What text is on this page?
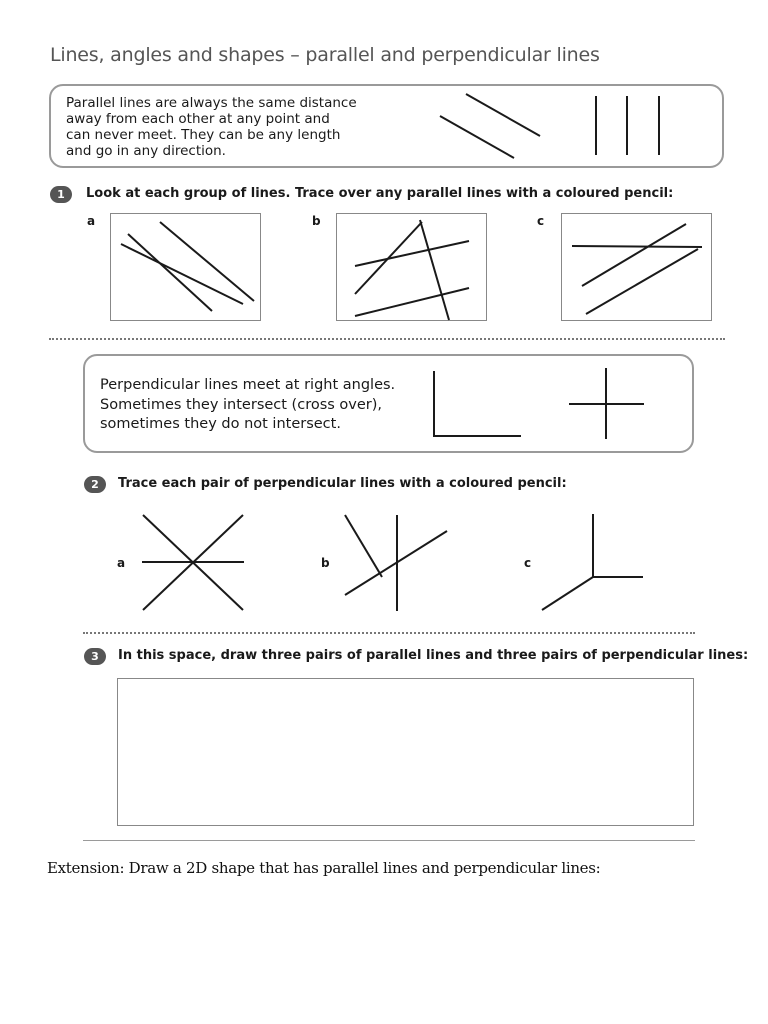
Lines, angles and shapes – parallel and perpendicular lines
Parallel lines are always the same distance
away from each other at any point and
can never meet. They can be any length
and go in any direction.
1	Look at each group of lines. Trace over any parallel lines with a coloured pencil:
a	b	c
Perpendicular lines meet at right angles.
Sometimes they intersect (cross over),
sometimes they do not intersect.
2	Trace each pair of perpendicular lines with a coloured pencil:
a	b	c
3	In this space, draw three pairs of parallel lines and three pairs of perpendicular lines:
Extension: Draw a 2D shape that has parallel lines and perpendicular lines:
